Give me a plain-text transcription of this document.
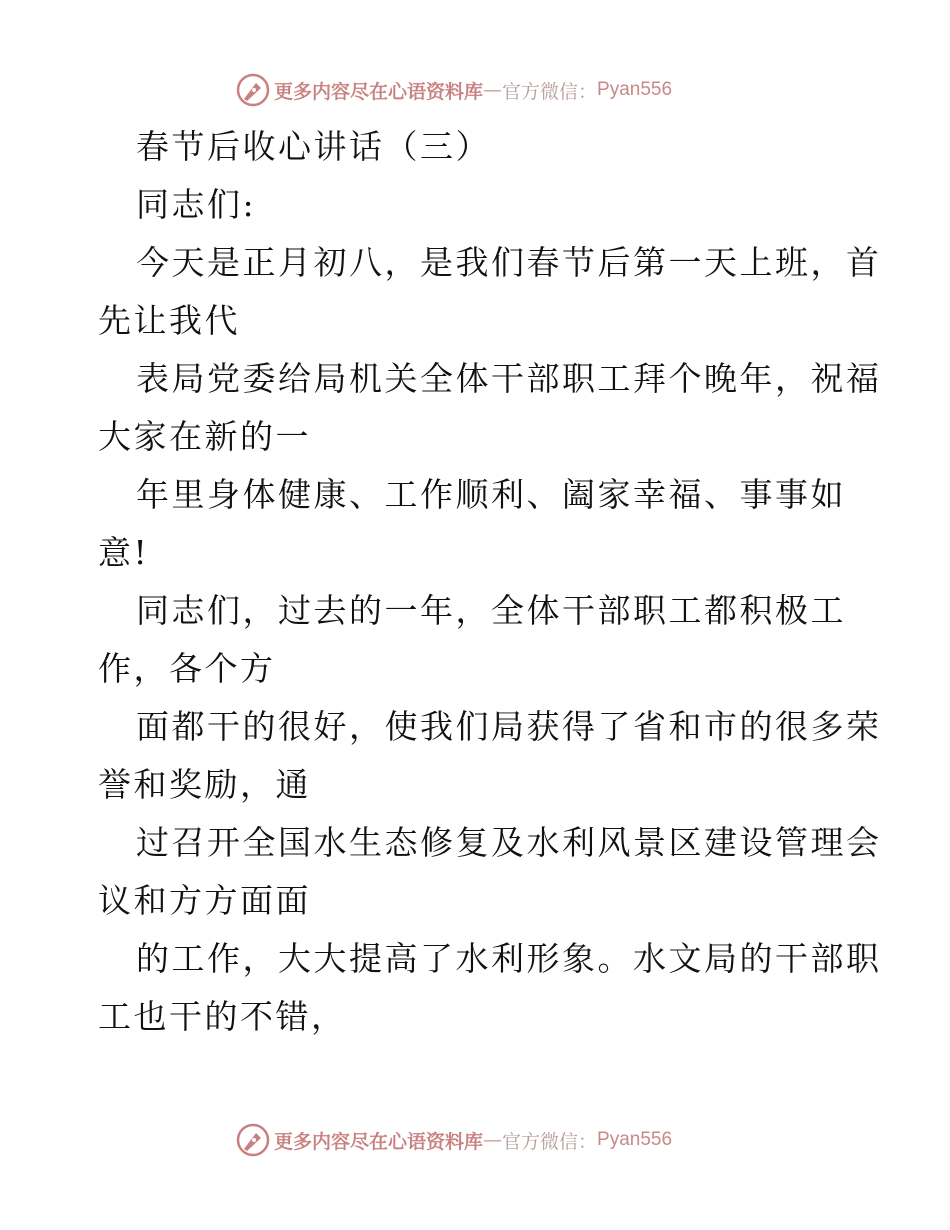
更多内容尽在心语资料库 — 官方微信： Pyan556
春节后收心讲话（三）
同志们:
今天是正月初八，是我们春节后第一天上班，首
先让我代
表局党委给局机关全体干部职工拜个晚年，祝福
大家在新的一
年里身体健康、工作顺利、阖家幸福、事事如
意!
同志们，过去的一年，全体干部职工都积极工
作，各个方
面都干的很好，使我们局获得了省和市的很多荣
誉和奖励，通
过召开全国水生态修复及水利风景区建设管理会
议和方方面面
的工作，大大提高了水利形象。水文局的干部职
工也干的不错，
更多内容尽在心语资料库 — 官方微信： Pyan556
